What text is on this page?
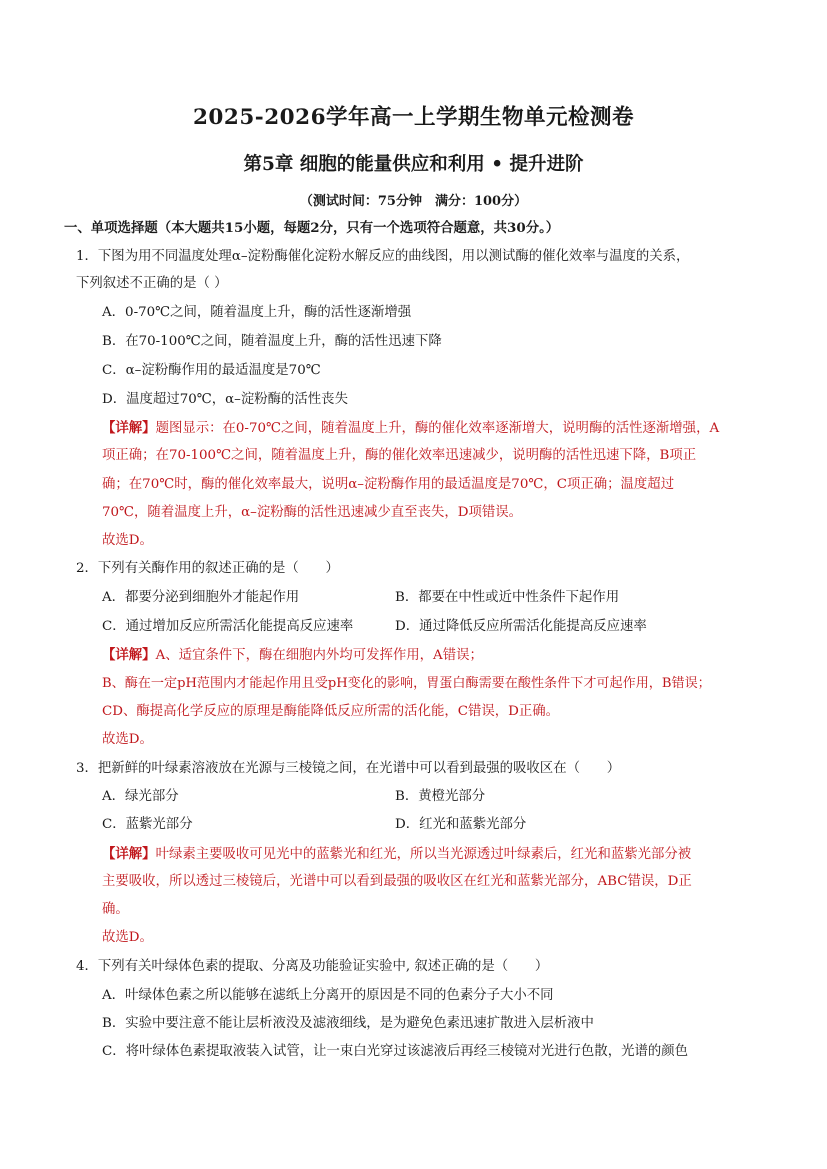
2025-2026学年高一上学期生物单元检测卷
第5章 细胞的能量供应和利用 • 提升进阶
（测试时间：75分钟　满分：100分）
一、单项选择题（本大题共15小题，每题2分，只有一个选项符合题意，共30分。）
1．下图为用不同温度处理α–淀粉酶催化淀粉水解反应的曲线图，用以测试酶的催化效率与温度的关系，
下列叙述不正确的是（ ）
A．0-70℃之间，随着温度上升，酶的活性逐渐增强
B．在70-100℃之间，随着温度上升，酶的活性迅速下降
C．α–淀粉酶作用的最适温度是70℃
D．温度超过70℃，α–淀粉酶的活性丧失
【详解】题图显示：在0-70℃之间，随着温度上升，酶的催化效率逐渐增大，说明酶的活性逐渐增强，A
项正确；在70-100℃之间，随着温度上升，酶的催化效率迅速减少，说明酶的活性迅速下降，B项正
确；在70℃时，酶的催化效率最大，说明α–淀粉酶作用的最适温度是70℃，C项正确；温度超过
70℃，随着温度上升，α–淀粉酶的活性迅速减少直至丧失，D项错误。
故选D。
2．下列有关酶作用的叙述正确的是（　　）
A．都要分泌到细胞外才能起作用	B．都要在中性或近中性条件下起作用
C．通过增加反应所需活化能提高反应速率	D．通过降低反应所需活化能提高反应速率
【详解】A、适宜条件下，酶在细胞内外均可发挥作用，A错误；
B、酶在一定pH范围内才能起作用且受pH变化的影响，胃蛋白酶需要在酸性条件下才可起作用，B错误；
CD、酶提高化学反应的原理是酶能降低反应所需的活化能，C错误，D正确。
故选D。
3．把新鲜的叶绿素溶液放在光源与三棱镜之间，在光谱中可以看到最强的吸收区在（　　）
A．绿光部分	B．黄橙光部分
C．蓝紫光部分	D．红光和蓝紫光部分
【详解】叶绿素主要吸收可见光中的蓝紫光和红光，所以当光源透过叶绿素后，红光和蓝紫光部分被
主要吸收，所以透过三棱镜后，光谱中可以看到最强的吸收区在红光和蓝紫光部分，ABC错误，D正
确。
故选D。
4．下列有关叶绿体色素的提取、分离及功能验证实验中, 叙述正确的是（　　）
A．叶绿体色素之所以能够在滤纸上分离开的原因是不同的色素分子大小不同
B．实验中要注意不能让层析液没及滤液细线，是为避免色素迅速扩散进入层析液中
C．将叶绿体色素提取液装入试管，让一束白光穿过该滤液后再经三棱镜对光进行色散，光谱的颜色
